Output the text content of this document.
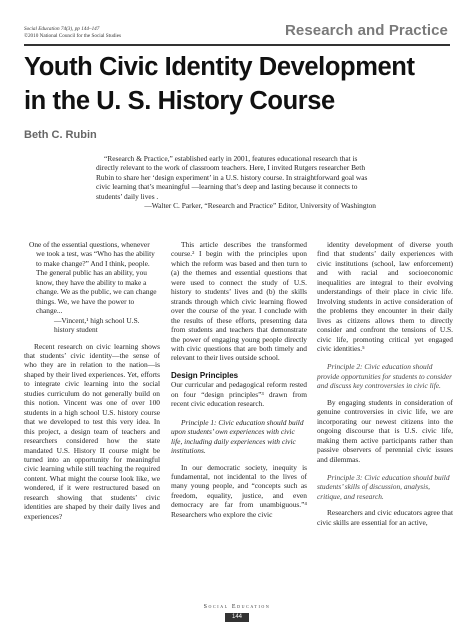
Social Education 74(3), pp 144–147
©2010 National Council for the Social Studies	Research and Practice
Youth Civic Identity Development
in the U. S. History Course
Beth C. Rubin
“Research & Practice,” established early in 2001, features educational research that is directly relevant to the work of classroom teachers. Here, I invited Rutgers researcher Beth Rubin to share her ‘design experiment’ in a U.S. history course. In straightforward goal was civic learning that’s meaningful —learning that’s deep and lasting because it connects to students’ daily lives .
—Walter C. Parker, “Research and Practice” Editor, University of Washington

One of the essential questions, whenever we took a test, was “Who has the ability to make change?” And I think, people. The general public has an ability, you know, they have the ability to make a change. We as the public, we can change things. We, we have the power to change...

—Vincent,¹ high school U.S. history student

Recent research on civic learning shows that students’ civic identity—the sense of who they are in relation to the nation—is shaped by their lived experiences. Yet, efforts to integrate civic learning into the social studies curriculum do not generally build on this notion. Vincent was one of over 100 students in a high school U.S. history course that we developed to test this very idea. In this project, a design team of teachers and researchers considered how the state mandated U.S. History II course might be turned into an opportunity for meaningful civic learning while still teaching the required content. What might the course look like, we wondered, if it were restructured based on research showing that students’ civic identities are shaped by their daily lives and experiences?

This article describes the transformed course.² I begin with the principles upon which the reform was based and then turn to (a) the themes and essential questions that were used to connect the study of U.S. history to students’ lives and (b) the skills strands through which civic learning flowed over the course of the year. I conclude with the results of these efforts, presenting data from students and teachers that demonstrate the power of engaging young people directly with civic questions that are both timely and relevant to their lives outside school.

Design Principles

Our curricular and pedagogical reform rested on four “design principles”³ drawn from recent civic education research.

Principle 1: Civic education should build upon students’ own experiences with civic life, including daily experiences with civic institutions.

In our democratic society, inequity is fundamental, not incidental to the lives of many young people, and “concepts such as freedom, equality, justice, and even democracy are far from unambiguous.”⁴ Researchers who explore the civic

identity development of diverse youth find that students’ daily experiences with civic institutions (school, law enforcement) and with racial and socioeconomic inequalities are integral to their evolving understandings of their place in civic life. Involving students in active consideration of the problems they encounter in their daily lives as citizens allows them to directly consider and confront the tensions of U.S. civic life, promoting critical yet engaged civic identities.⁵

Principle 2: Civic education should provide opportunities for students to consider and discuss key controversies in civic life.

By engaging students in consideration of genuine controversies in civic life, we are incorporating our newest citizens into the ongoing discourse that is U.S. civic life, making them active participants rather than passive observers of perennial civic issues and dilemmas.

Principle 3: Civic education should build students’ skills of discussion, analysis, critique, and research.

Researchers and civic educators agree that civic skills are essential for an active,

Social Education
144
